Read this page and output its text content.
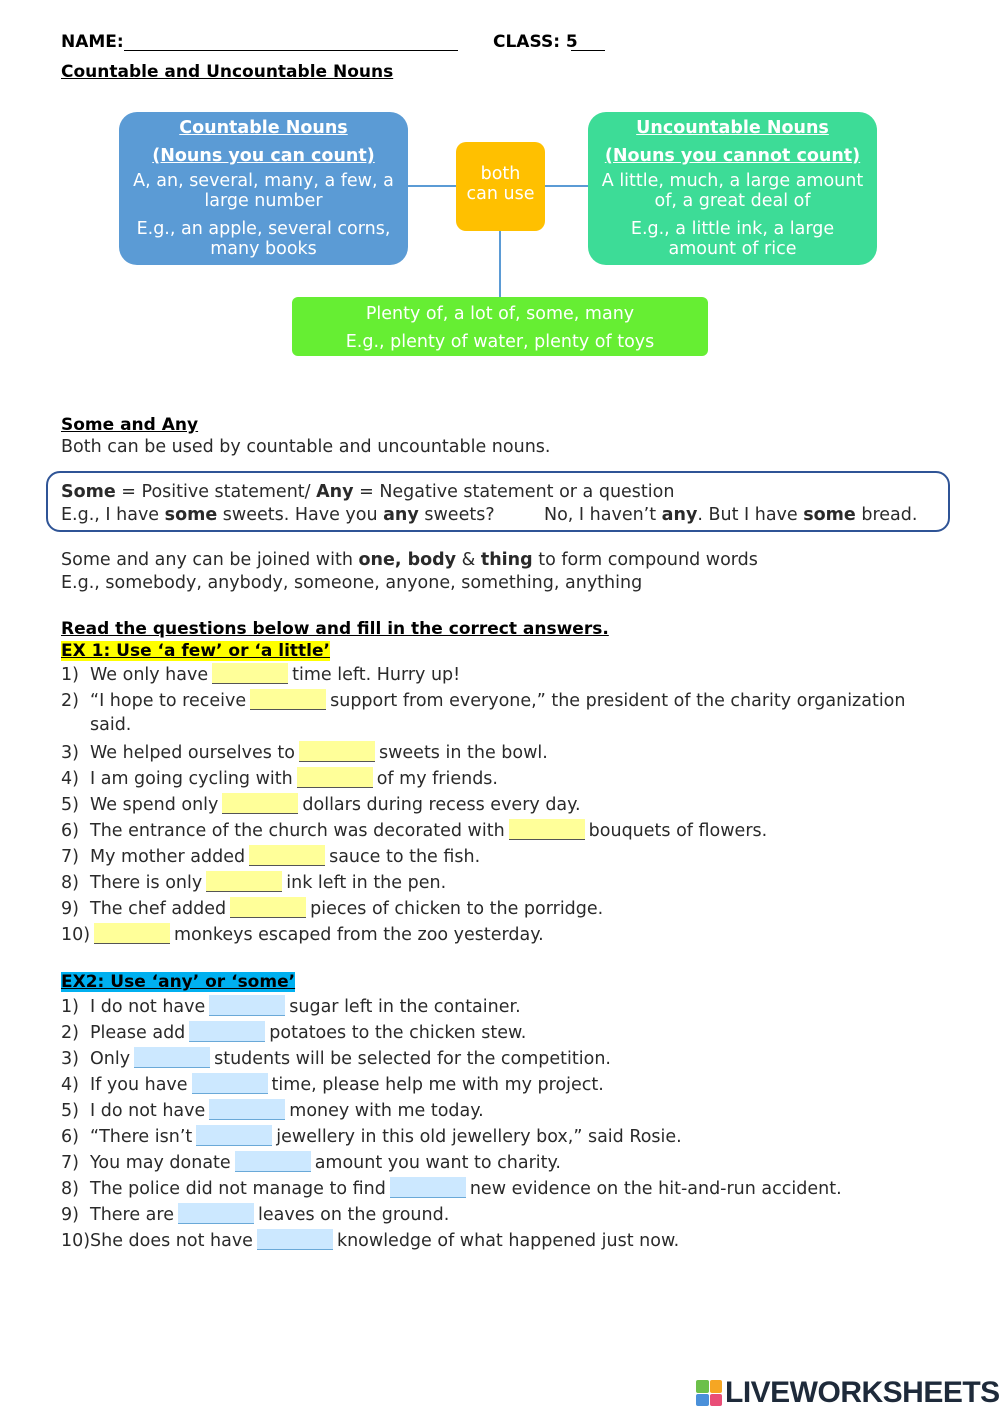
NAME:	CLASS: 5
Countable and Uncountable Nouns
Countable Nouns
(Nouns you can count)
A, an, several, many, a few, a
large number
E.g., an apple, several corns,
many books
Uncountable Nouns
(Nouns you cannot count)
A little, much, a large amount
of, a great deal of
E.g., a little ink, a large
amount of rice
both
can use
Plenty of, a lot of, some, many
E.g., plenty of water, plenty of toys
Some and Any
Both can be used by countable and uncountable nouns.
Some = Positive statement/ Any = Negative statement or a question
E.g., I have some sweets. Have you any sweets?	No, I haven’t any. But I have some bread.
Some and any can be joined with one, body & thing to form compound words
E.g., somebody, anybody, someone, anyone, something, anything
Read the questions below and fill in the correct answers.
EX 1: Use ‘a few’ or ‘a little’
1) We only have	time left. Hurry up!
2) “I hope to receive	support from everyone,” the president of the charity organization
said.
3) We helped ourselves to	sweets in the bowl.
4) I am going cycling with	of my friends.
5) We spend only	dollars during recess every day.
6) The entrance of the church was decorated with	bouquets of flowers.
7) My mother added	sauce to the fish.
8) There is only	ink left in the pen.
9) The chef added	pieces of chicken to the porridge.
10)	monkeys escaped from the zoo yesterday.
EX2: Use ‘any’ or ‘some’
1) I do not have	sugar left in the container.
2) Please add	potatoes to the chicken stew.
3) Only	students will be selected for the competition.
4) If you have	time, please help me with my project.
5) I do not have	money with me today.
6) “There isn’t	jewellery in this old jewellery box,” said Rosie.
7) You may donate	amount you want to charity.
8) The police did not manage to find	new evidence on the hit-and-run accident.
9) There are	leaves on the ground.
10)She does not have	knowledge of what happened just now.
LIVEWORKSHEETS
